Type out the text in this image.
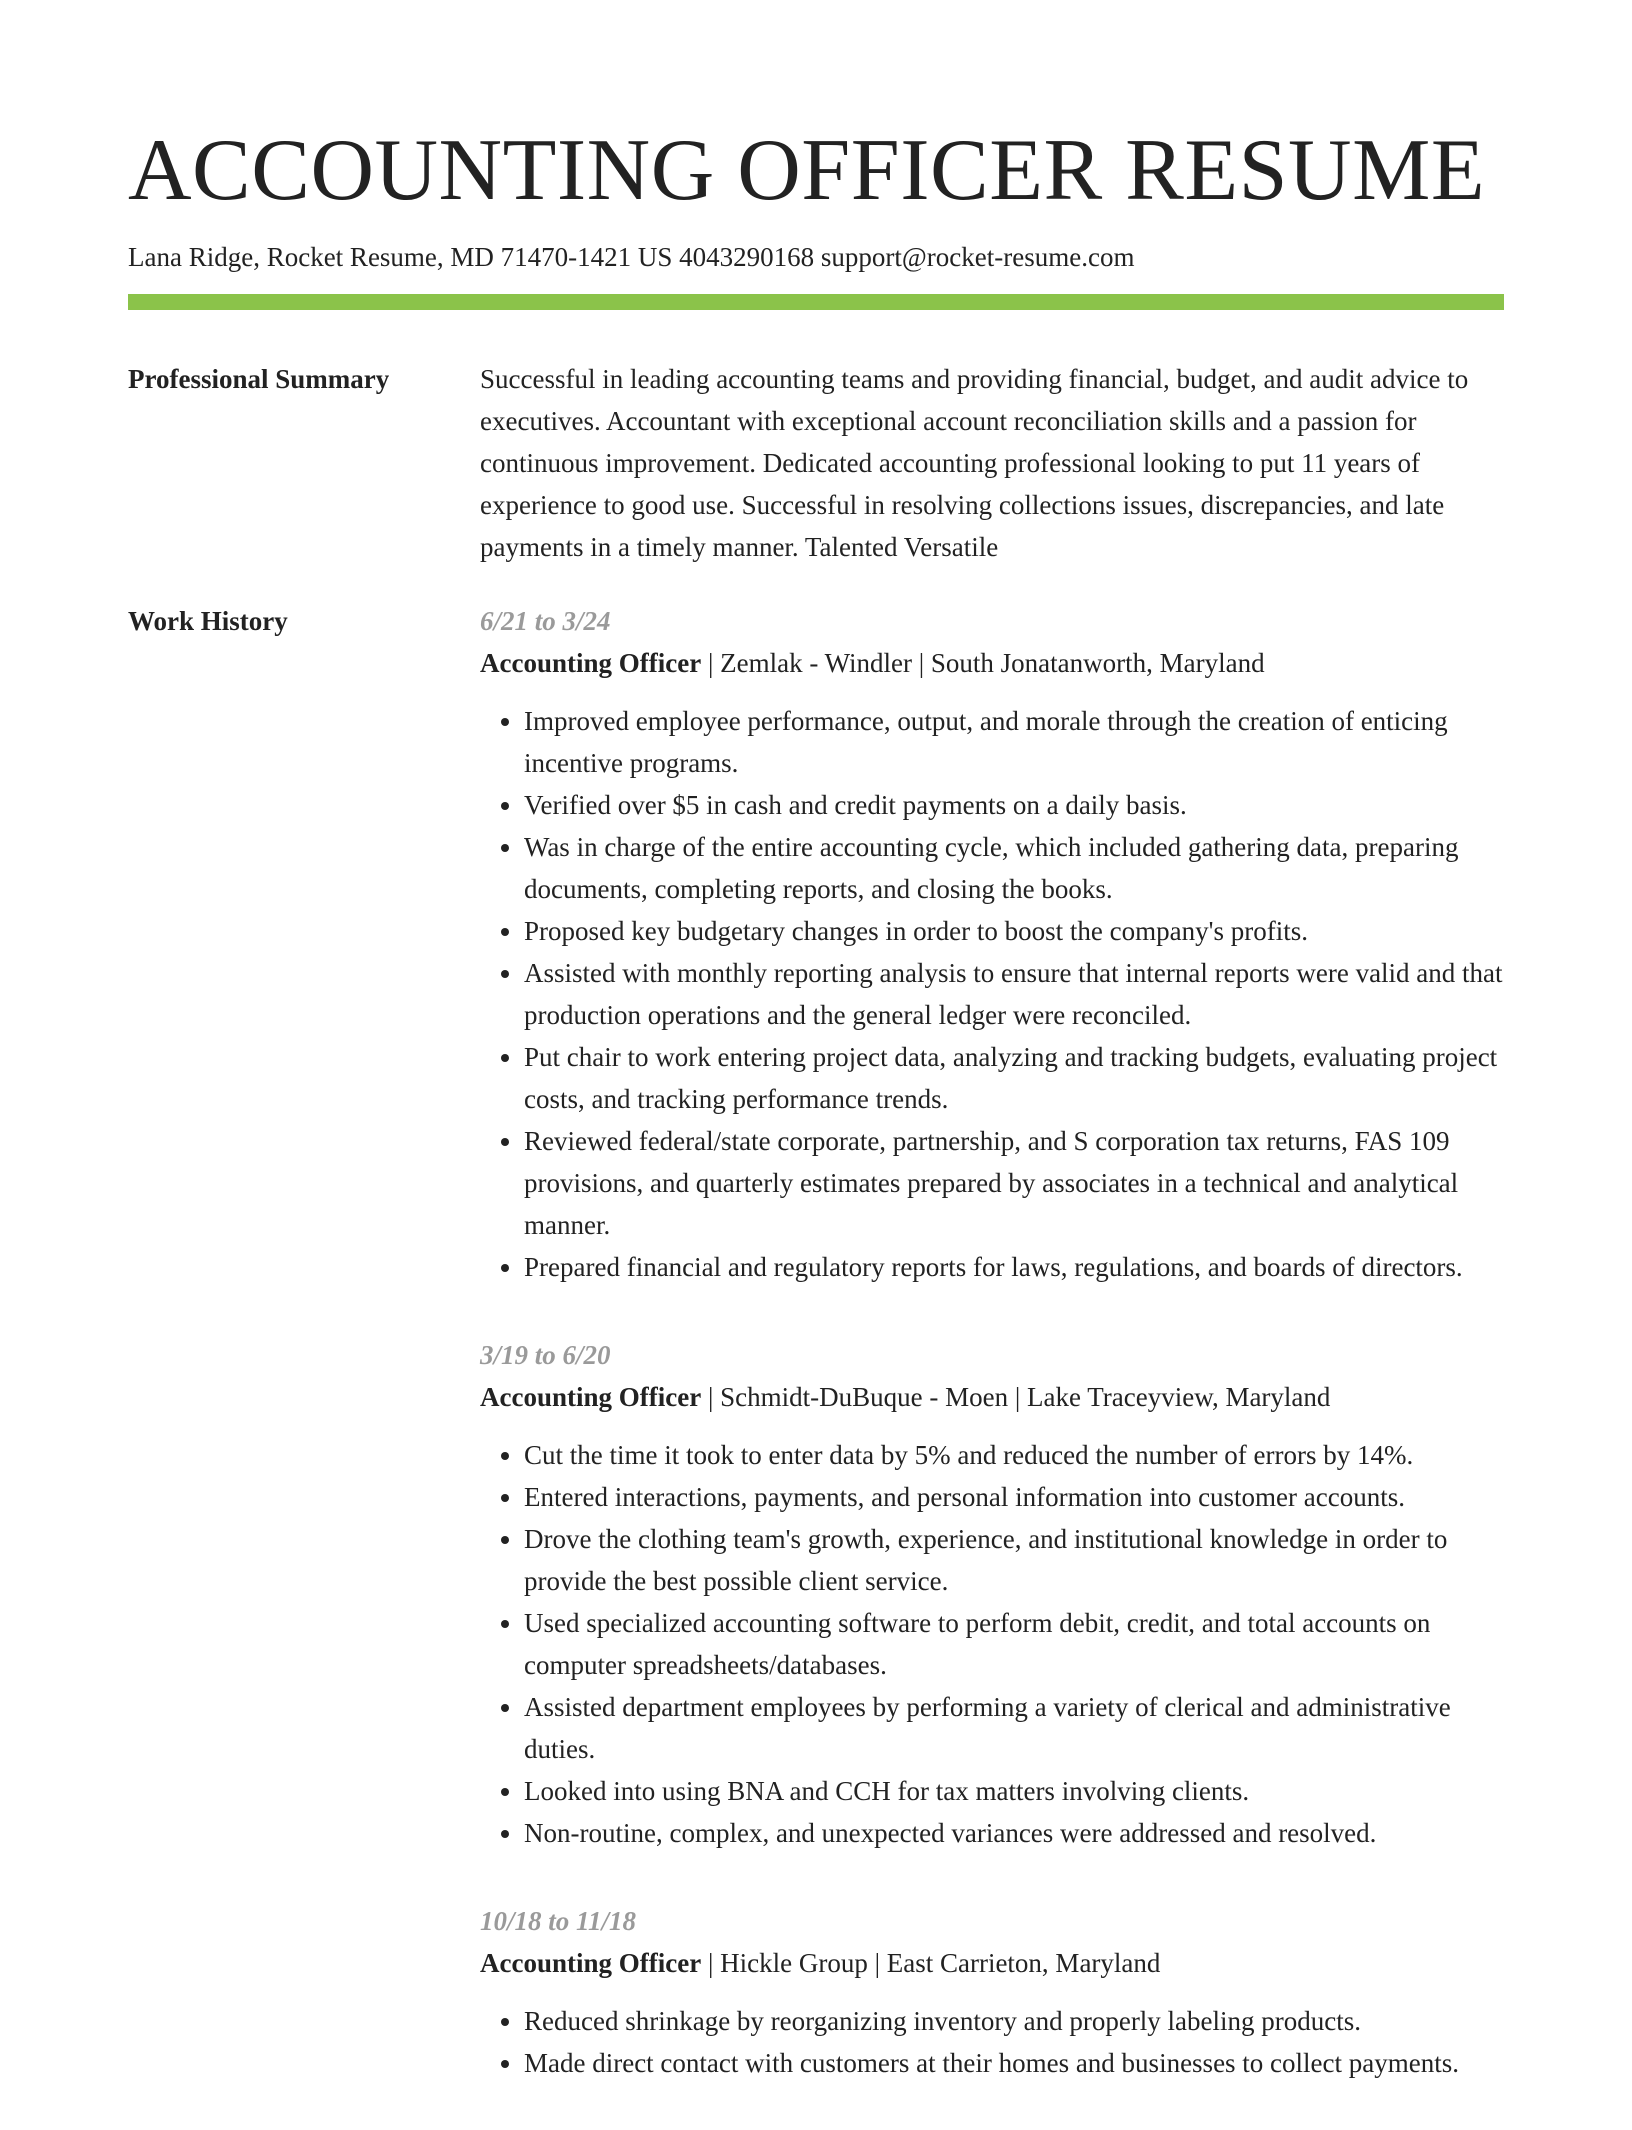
ACCOUNTING OFFICER RESUME
Lana Ridge, Rocket Resume, MD 71470-1421 US 4043290168 support@rocket-resume.com
Professional Summary	Successful in leading accounting teams and providing financial, budget, and audit advice to executives. Accountant with exceptional account reconciliation skills and a passion for continuous improvement. Dedicated accounting professional looking to put 11 years of experience to good use. Successful in resolving collections issues, discrepancies, and late payments in a timely manner. Talented Versatile

Work History	6/21 to 3/24
Accounting Officer | Zemlak - Windler | South Jonatanworth, Maryland
• Improved employee performance, output, and morale through the creation of enticing incentive programs.
• Verified over $5 in cash and credit payments on a daily basis.
• Was in charge of the entire accounting cycle, which included gathering data, preparing documents, completing reports, and closing the books.
• Proposed key budgetary changes in order to boost the company's profits.
• Assisted with monthly reporting analysis to ensure that internal reports were valid and that production operations and the general ledger were reconciled.
• Put chair to work entering project data, analyzing and tracking budgets, evaluating project costs, and tracking performance trends.
• Reviewed federal/state corporate, partnership, and S corporation tax returns, FAS 109 provisions, and quarterly estimates prepared by associates in a technical and analytical manner.
• Prepared financial and regulatory reports for laws, regulations, and boards of directors.
3/19 to 6/20
Accounting Officer | Schmidt-DuBuque - Moen | Lake Traceyview, Maryland
• Cut the time it took to enter data by 5% and reduced the number of errors by 14%.
• Entered interactions, payments, and personal information into customer accounts.
• Drove the clothing team's growth, experience, and institutional knowledge in order to provide the best possible client service.
• Used specialized accounting software to perform debit, credit, and total accounts on computer spreadsheets/databases.
• Assisted department employees by performing a variety of clerical and administrative duties.
• Looked into using BNA and CCH for tax matters involving clients.
• Non-routine, complex, and unexpected variances were addressed and resolved.
10/18 to 11/18
Accounting Officer | Hickle Group | East Carrieton, Maryland
• Reduced shrinkage by reorganizing inventory and properly labeling products.
• Made direct contact with customers at their homes and businesses to collect payments.
